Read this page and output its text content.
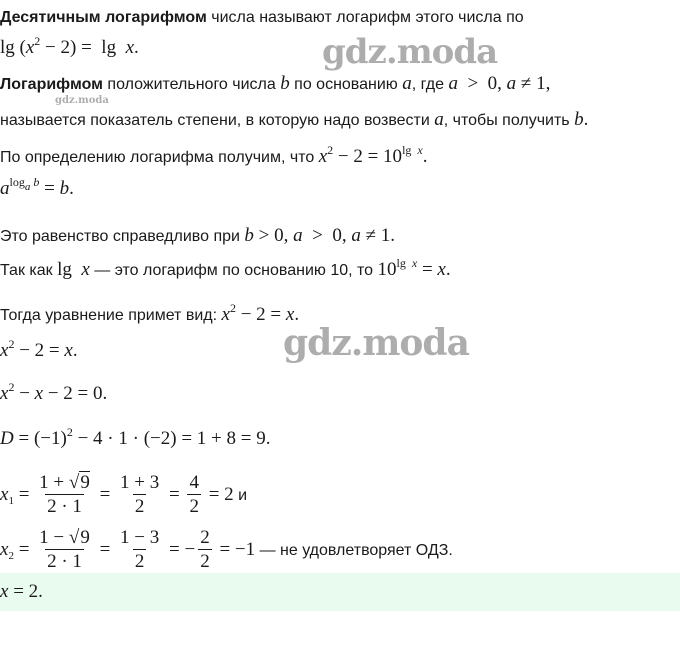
gdz.moda
gdz.moda
gdz.moda
Десятичным логарифмом числа называют логарифм этого числа по
$\lg (x^2 - 2) = \lg x$.
Логарифмом положительного числа b по основанию a, где a  >  0, a ≠ 1,
называется показатель степени, в которую надо возвести a, чтобы получить b.
По определению логарифма получим, что $x^2 - 2 = 10^{lg x}$.
$a^{log_a b} = b$.
Это равенство справедливо при b > 0, a  >  0, a ≠ 1.
Так как lg  x — это логарифм по основанию 10, то $10^{lg x} = x$.
Тогда уравнение примет вид: $x^2 - 2 = x$.
$x^2 - 2 = x$.
$x^2 - x - 2 = 0$.
$D = (-1)^2 - 4 \cdot 1 \cdot (-2) = 1 + 8 = 9$.
$x_1 = \frac{1 + √9}{2 \cdot 1} = \frac{1 + 3}{2} = \frac{4}{2} = 2$ и
$x_2 = \frac{1 - √9}{2 \cdot 1} = \frac{1 - 3}{2}$ = − $\frac{2}{2} = -1$ — не удовлетворяет ОДЗ.
x = 2.
